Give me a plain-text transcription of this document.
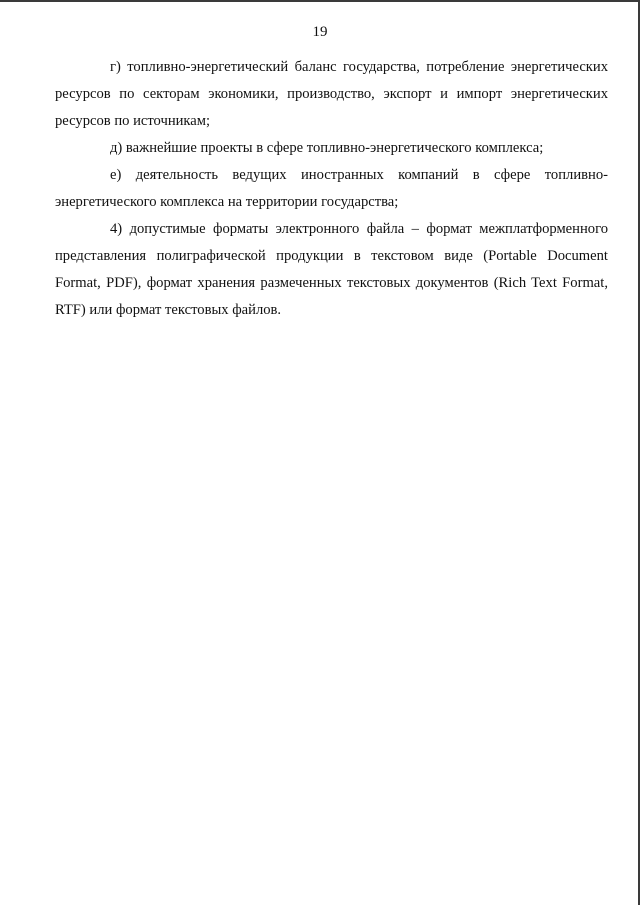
19

г) топливно-энергетический баланс государства, потребление энергетических ресурсов по секторам экономики, производство, экспорт и импорт энергетических ресурсов по источникам;

д) важнейшие проекты в сфере топливно-энергетического комплекса;

е) деятельность ведущих иностранных компаний в сфере топливно-энергетического комплекса на территории государства;

4) допустимые форматы электронного файла – формат межплатформенного представления полиграфической продукции в текстовом виде (Portable Document Format, PDF), формат хранения размеченных текстовых документов (Rich Text Format, RTF) или формат текстовых файлов.
